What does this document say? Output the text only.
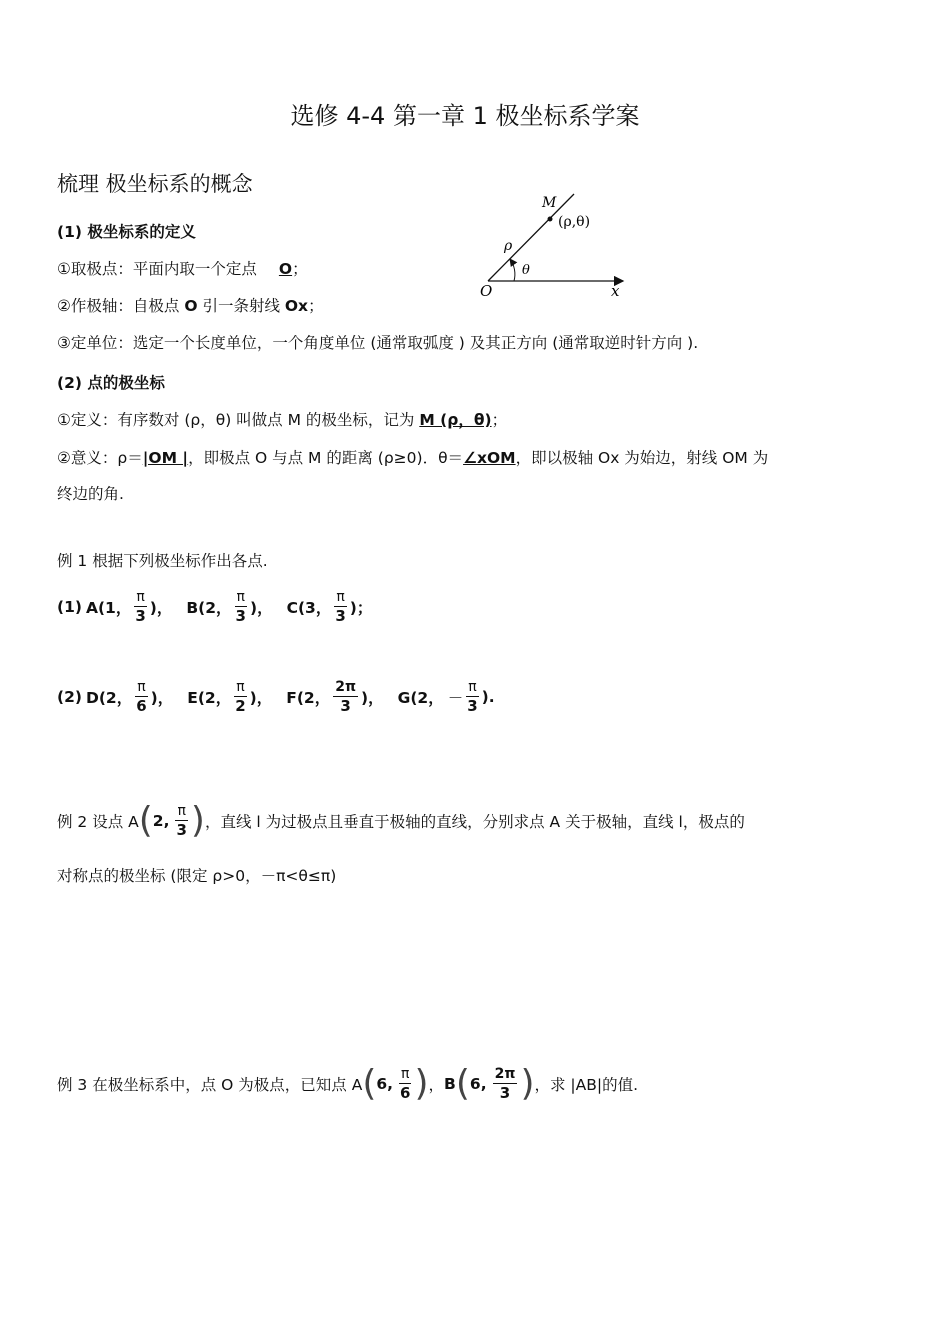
选修 4-4 第一章 1 极坐标系学案
梳理 极坐标系的概念
(1) 极坐标系的定义
①取极点：平面内取一个定点 O；
②作极轴：自极点 O 引一条射线 Ox；
③定单位：选定一个长度单位，一个角度单位 (通常取弧度 ) 及其正方向 (通常取逆时针方向 ).
M
(ρ,θ)
ρ
θ
O	x
(2) 点的极坐标
①定义：有序数对 (ρ，θ) 叫做点 M 的极坐标，记为 M (ρ，θ)；
②意义：ρ＝|OM |，即极点 O 与点 M 的距离 (ρ≥0)．θ＝∠xOM，即以极轴 Ox 为始边，射线 OM 为
终边的角.
例 1 根据下列极坐标作出各点.
(1) A(1， $\frac{\pi}{3}$ )， B(2， $\frac{\pi}{3}$ )， C(3， $\frac{\pi}{3}$ )；
(2) D(2， $\frac{\pi}{6}$ )， E(2， $\frac{\pi}{2}$ )， F(2， $\frac{2\pi}{3}$ )， G(2， － $\frac{\pi}{3}$ ).
例 2 设点 A ( 2, $\frac{\pi}{3}$ ) ，直线 l 为过极点且垂直于极轴的直线，分别求点 A 关于极轴，直线 l，极点的
对称点的极坐标 (限定 ρ>0，－π<θ≤π)
例 3 在极坐标系中，点 O 为极点，已知点 A ( 6, $\frac{\pi}{6}$ ) ， B ( 6, $\frac{2\pi}{3}$ ) ，求 |AB|的值.
